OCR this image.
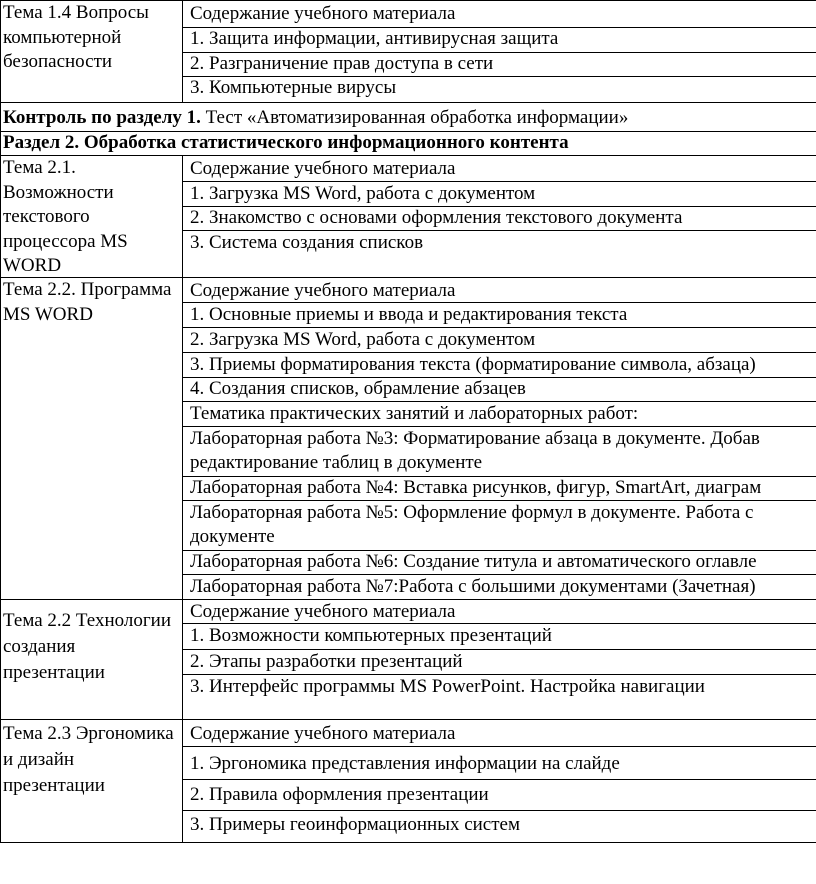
Тема 1.4 Вопросы компьютерной безопасности
Содержание учебного материала
1. Защита информации, антивирусная защита
2. Разграничение прав доступа в сети
3. Компьютерные вирусы
Контроль по разделу 1. Тест «Автоматизированная обработка информации»
Раздел 2. Обработка статистического информационного контента
Тема 2.1. Возможности текстового процессора MS WORD
Содержание учебного материала
1. Загрузка MS Word, работа с документом
2. Знакомство с основами оформления текстового документа
3. Система создания списков
Тема 2.2. Программа MS WORD
Содержание учебного материала
1. Основные приемы и ввода и редактирования текста
2. Загрузка MS Word, работа с документом
3. Приемы форматирования текста (форматирование символа, абзаца)
4. Создания списков, обрамление абзацев
Тематика практических занятий и лабораторных работ:
Лабораторная работа №3: Форматирование абзаца в документе. Добав
редактирование таблиц в документе
Лабораторная работа №4: Вставка рисунков, фигур, SmartArt, диаграм
Лабораторная работа №5: Оформление формул в документе. Работа с
документе
Лабораторная работа №6: Создание титула и автоматического оглавле
Лабораторная работа №7:Работа с большими документами (Зачетная)
Тема 2.2 Технологии создания презентации
Содержание учебного материала
1. Возможности компьютерных презентаций
2. Этапы разработки презентаций
3. Интерфейс программы MS PowerPoint. Настройка навигации
Тема 2.3 Эргономика и дизайн презентации
Содержание учебного материала
1. Эргономика представления информации на слайде
2. Правила оформления презентации
3. Примеры геоинформационных систем
